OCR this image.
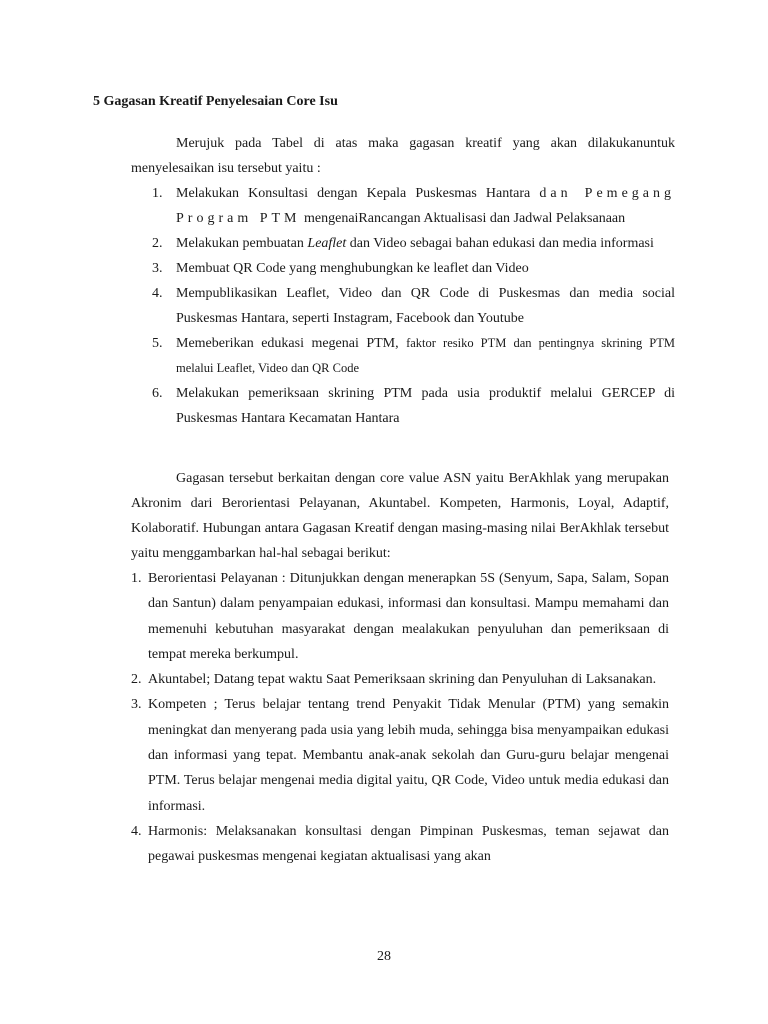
5 Gagasan Kreatif Penyelesaian Core Isu

Merujuk pada Tabel di atas maka gagasan kreatif yang akan dilakukanuntuk menyelesaikan isu tersebut yaitu :

1. Melakukan Konsultasi dengan Kepala Puskesmas Hantara dan Pemegang Program PTM mengenaiRancangan Aktualisasi dan Jadwal Pelaksanaan
2. Melakukan pembuatan Leaflet dan Video sebagai bahan edukasi dan media informasi
3. Membuat QR Code yang menghubungkan ke leaflet dan Video
4. Mempublikasikan Leaflet, Video dan QR Code di Puskesmas dan media social Puskesmas Hantara, seperti Instagram, Facebook dan Youtube
5. Memeberikan edukasi megenai PTM, faktor resiko PTM dan pentingnya skrining PTM melalui Leaflet, Video dan QR Code
6. Melakukan pemeriksaan skrining PTM pada usia produktif melalui GERCEP di Puskesmas Hantara Kecamatan Hantara

Gagasan tersebut berkaitan dengan core value ASN yaitu BerAkhlak yang merupakan Akronim dari Berorientasi Pelayanan, Akuntabel. Kompeten, Harmonis, Loyal, Adaptif, Kolaboratif. Hubungan antara Gagasan Kreatif dengan masing-masing nilai BerAkhlak tersebut yaitu menggambarkan hal-hal sebagai berikut:

1. Berorientasi Pelayanan : Ditunjukkan dengan menerapkan 5S (Senyum, Sapa, Salam, Sopan dan Santun) dalam penyampaian edukasi, informasi dan konsultasi. Mampu memahami dan memenuhi kebutuhan masyarakat dengan mealakukan penyuluhan dan pemeriksaan di tempat mereka berkumpul.
2. Akuntabel; Datang tepat waktu Saat Pemeriksaan skrining dan Penyuluhan di Laksanakan.
3. Kompeten ; Terus belajar tentang trend Penyakit Tidak Menular (PTM) yang semakin meningkat dan menyerang pada usia yang lebih muda, sehingga bisa menyampaikan edukasi dan informasi yang tepat. Membantu anak-anak sekolah dan Guru-guru belajar mengenai PTM. Terus belajar mengenai media digital yaitu, QR Code, Video untuk media edukasi dan informasi.
4. Harmonis: Melaksanakan konsultasi dengan Pimpinan Puskesmas, teman sejawat dan pegawai puskesmas mengenai kegiatan aktualisasi yang akan

28
